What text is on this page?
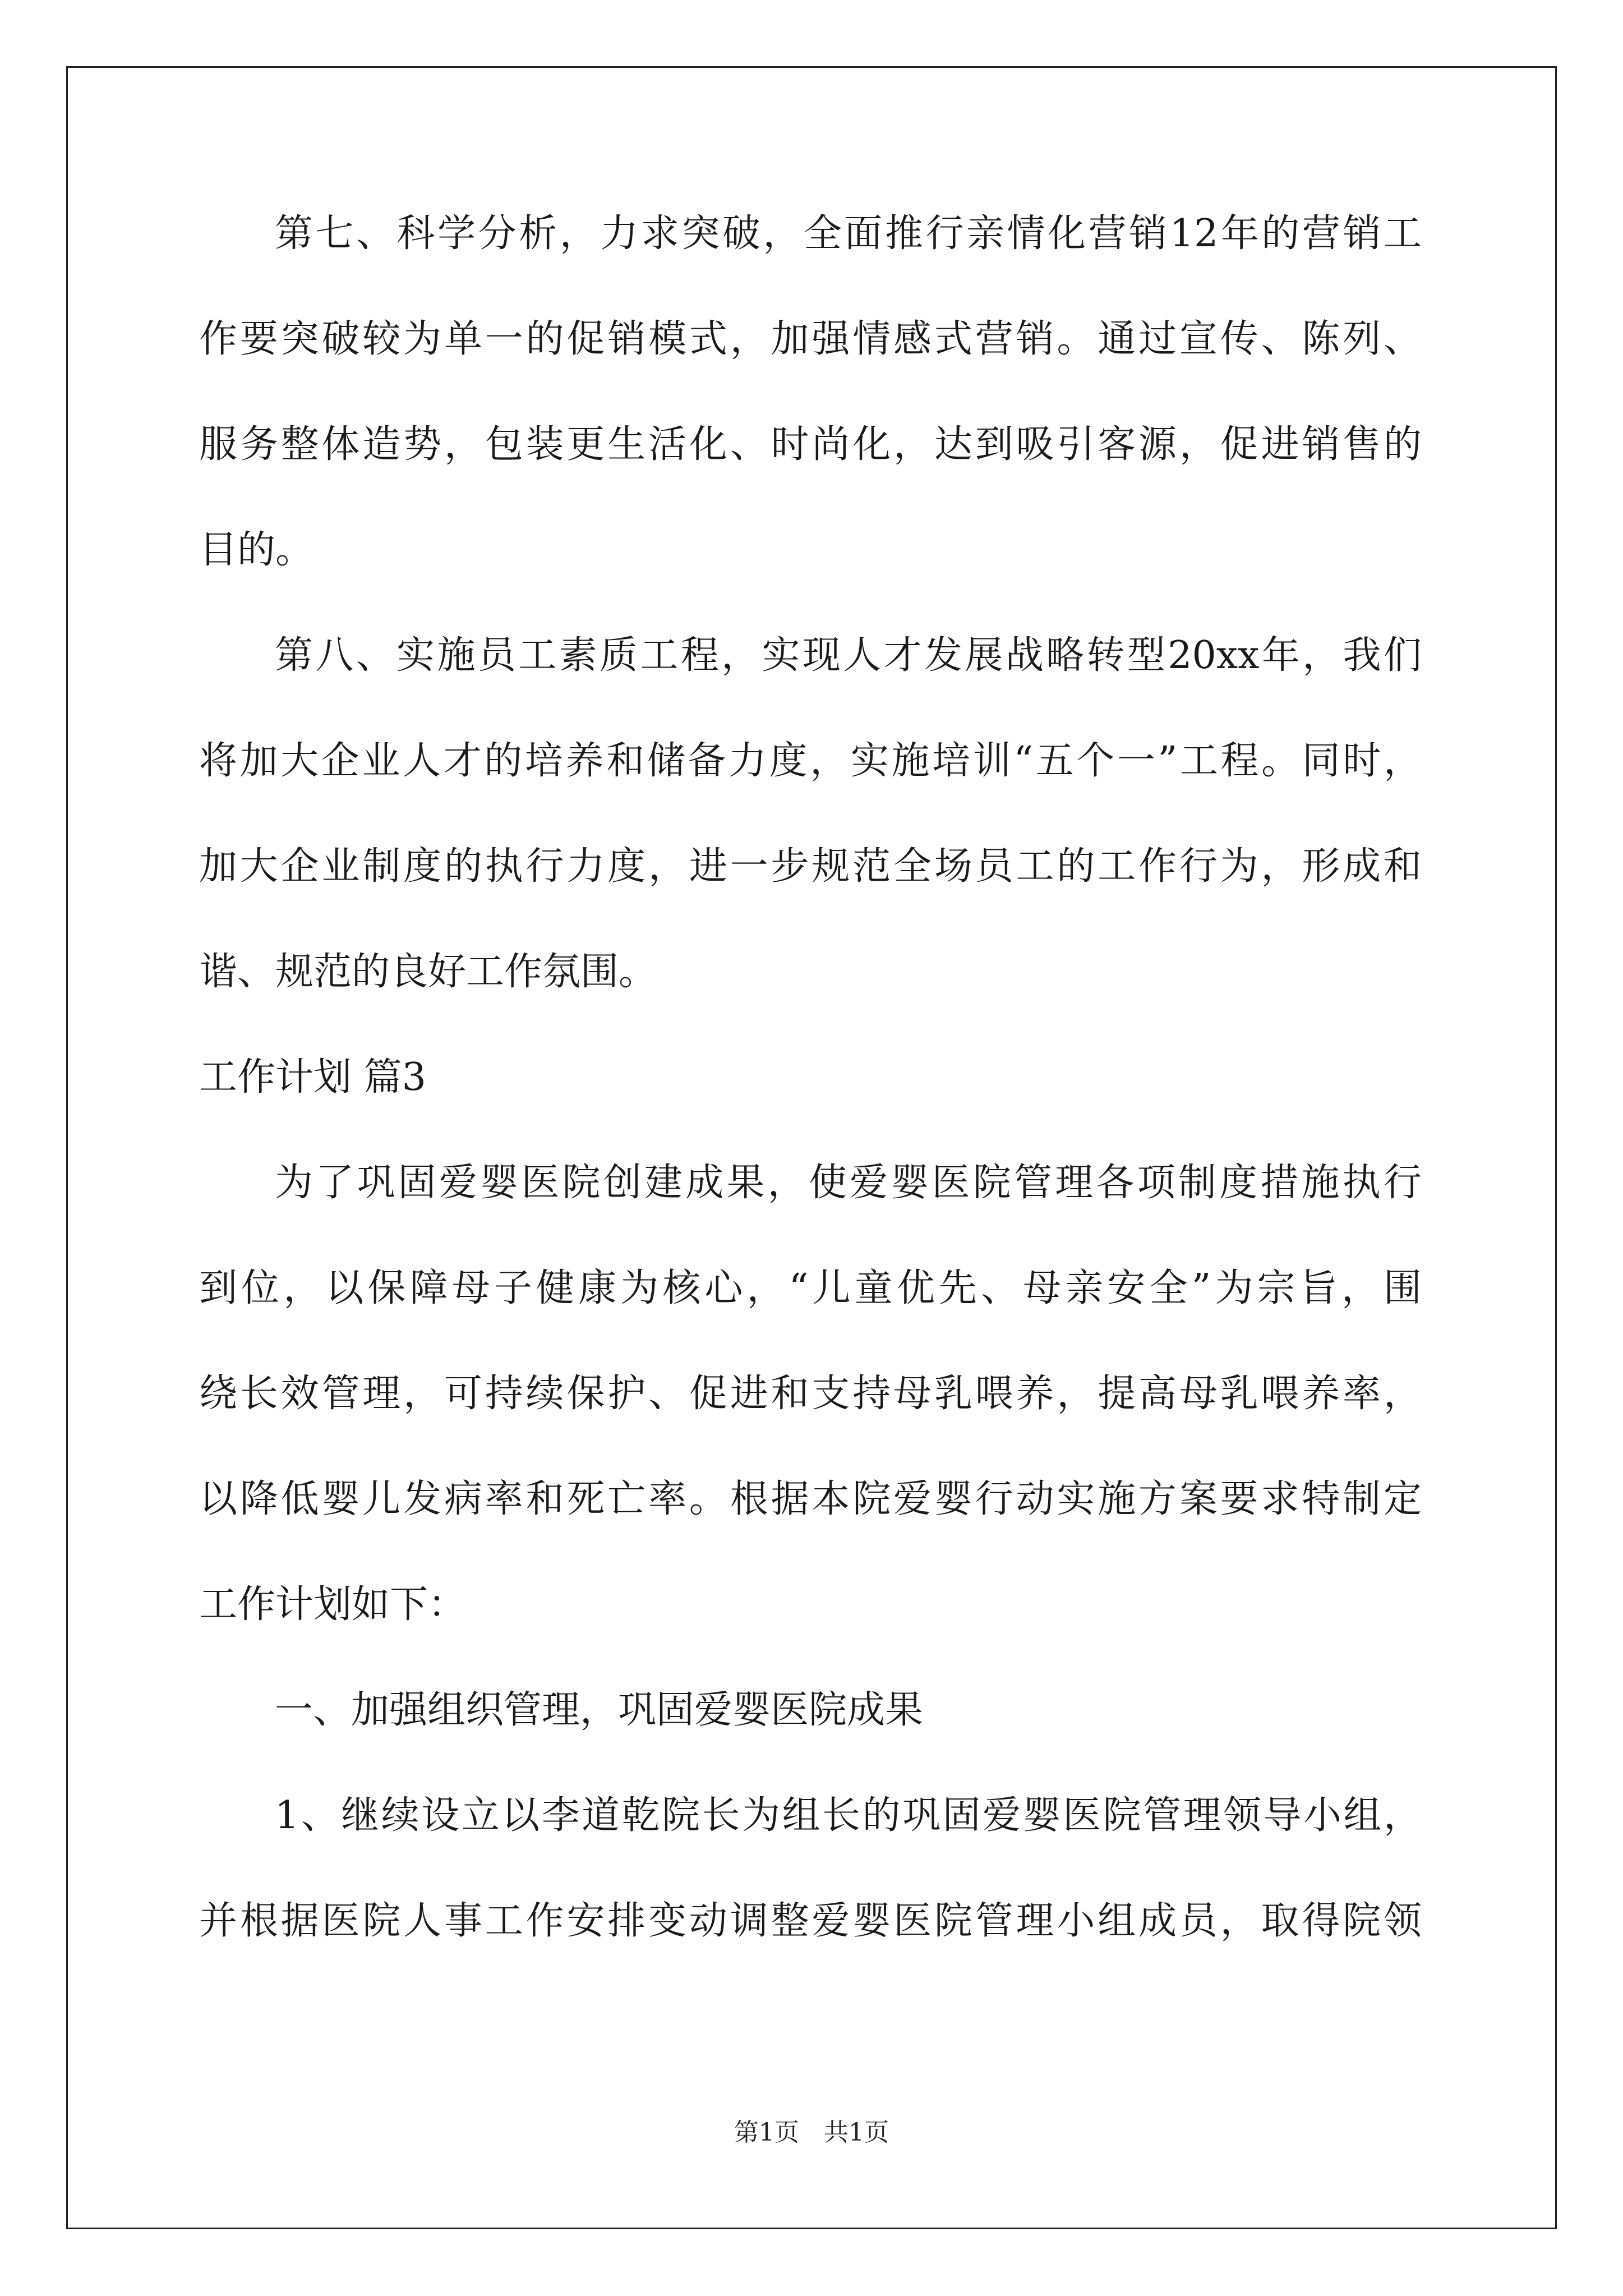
第七、科学分析，力求突破，全面推行亲情化营销12年的营销工

作要突破较为单一的促销模式，加强情感式营销。通过宣传、陈列、

服务整体造势，包装更生活化、时尚化，达到吸引客源，促进销售的

目的。

第八、实施员工素质工程，实现人才发展战略转型20xx年，我们

将加大企业人才的培养和储备力度，实施培训“五个一”工程。同时，

加大企业制度的执行力度，进一步规范全场员工的工作行为，形成和

谐、规范的良好工作氛围。

工作计划 篇3

为了巩固爱婴医院创建成果，使爱婴医院管理各项制度措施执行

到位，以保障母子健康为核心，“儿童优先、母亲安全”为宗旨，围

绕长效管理，可持续保护、促进和支持母乳喂养，提高母乳喂养率，

以降低婴儿发病率和死亡率。根据本院爱婴行动实施方案要求特制定

工作计划如下：

一、加强组织管理，巩固爱婴医院成果

1、继续设立以李道乾院长为组长的巩固爱婴医院管理领导小组，

并根据医院人事工作安排变动调整爱婴医院管理小组成员，取得院领

第1页　共1页
